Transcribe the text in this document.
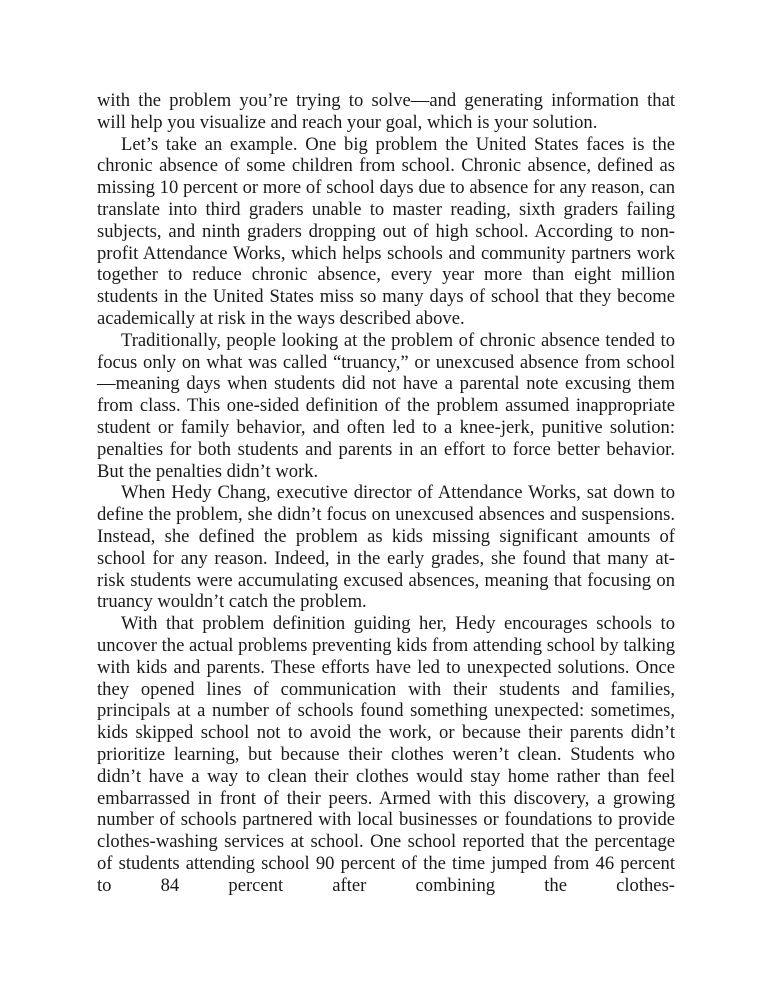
with the problem you’re trying to solve—and generating information that will help you visualize and reach your goal, which is your solution.

Let’s take an example. One big problem the United States faces is the chronic absence of some children from school. Chronic absence, defined as missing 10 percent or more of school days due to absence for any reason, can translate into third graders unable to master reading, sixth graders failing subjects, and ninth graders dropping out of high school. According to non-profit Attendance Works, which helps schools and community partners work together to reduce chronic absence, every year more than eight million students in the United States miss so many days of school that they become academically at risk in the ways described above.

Traditionally, people looking at the problem of chronic absence tended to focus only on what was called “truancy,” or unexcused absence from school —meaning days when students did not have a parental note excusing them from class. This one-sided definition of the problem assumed inappropriate student or family behavior, and often led to a knee-jerk, punitive solution: penalties for both students and parents in an effort to force better behavior. But the penalties didn’t work.

When Hedy Chang, executive director of Attendance Works, sat down to define the problem, she didn’t focus on unexcused absences and suspensions. Instead, she defined the problem as kids missing significant amounts of school for any reason. Indeed, in the early grades, she found that many at-risk students were accumulating excused absences, meaning that focusing on truancy wouldn’t catch the problem.

With that problem definition guiding her, Hedy encourages schools to uncover the actual problems preventing kids from attending school by talking with kids and parents. These efforts have led to unexpected solutions. Once they opened lines of communication with their students and families, principals at a number of schools found something unexpected: sometimes, kids skipped school not to avoid the work, or because their parents didn’t prioritize learning, but because their clothes weren’t clean. Students who didn’t have a way to clean their clothes would stay home rather than feel embarrassed in front of their peers. Armed with this discovery, a growing number of schools partnered with local businesses or foundations to provide clothes-washing services at school. One school reported that the percentage of students attending school 90 percent of the time jumped from 46 percent to 84 percent after combining the clothes-
